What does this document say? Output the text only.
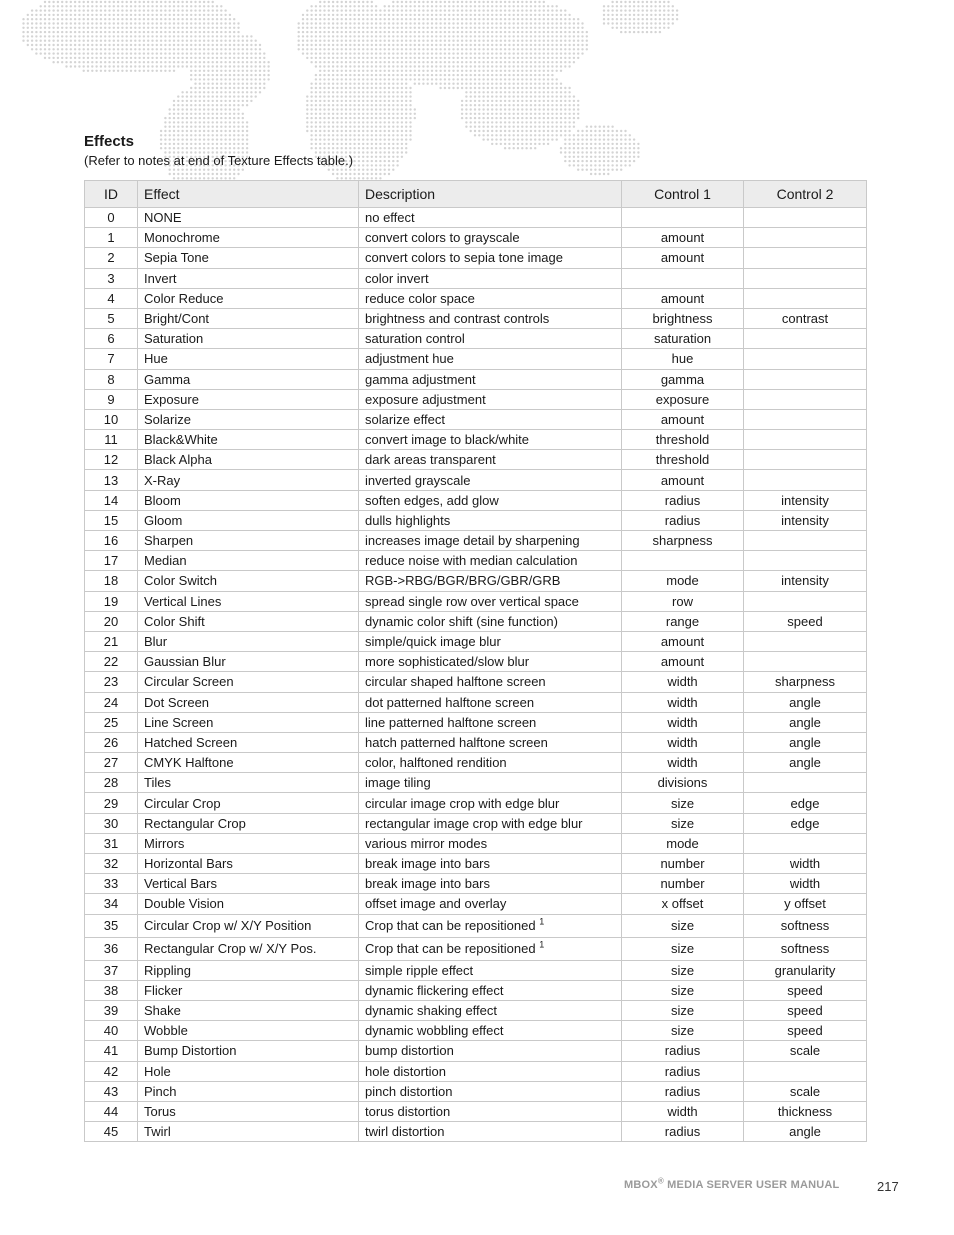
Effects

(Refer to notes at end of Texture Effects table.)

ID	Effect	Description	Control 1	Control 2
0	NONE	no effect		
1	Monochrome	convert colors to grayscale	amount	
2	Sepia Tone	convert colors to sepia tone image	amount	
3	Invert	color invert		
4	Color Reduce	reduce color space	amount	
5	Bright/Cont	brightness and contrast controls	brightness	contrast
6	Saturation	saturation control	saturation	
7	Hue	adjustment hue	hue	
8	Gamma	gamma adjustment	gamma	
9	Exposure	exposure adjustment	exposure	
10	Solarize	solarize effect	amount	
11	Black&White	convert image to black/white	threshold	
12	Black Alpha	dark areas transparent	threshold	
13	X-Ray	inverted grayscale	amount	
14	Bloom	soften edges, add glow	radius	intensity
15	Gloom	dulls highlights	radius	intensity
16	Sharpen	increases image detail by sharpening	sharpness	
17	Median	reduce noise with median calculation		
18	Color Switch	RGB->RBG/BGR/BRG/GBR/GRB	mode	intensity
19	Vertical Lines	spread single row over vertical space	row	
20	Color Shift	dynamic color shift (sine function)	range	speed
21	Blur	simple/quick image blur	amount	
22	Gaussian Blur	more sophisticated/slow blur	amount	
23	Circular Screen	circular shaped halftone screen	width	sharpness
24	Dot Screen	dot patterned halftone screen	width	angle
25	Line Screen	line patterned halftone screen	width	angle
26	Hatched Screen	hatch patterned halftone screen	width	angle
27	CMYK Halftone	color, halftoned rendition	width	angle
28	Tiles	image tiling	divisions	
29	Circular Crop	circular image crop with edge blur	size	edge
30	Rectangular Crop	rectangular image crop with edge blur	size	edge
31	Mirrors	various mirror modes	mode	
32	Horizontal Bars	break image into bars	number	width
33	Vertical Bars	break image into bars	number	width
34	Double Vision	offset image and overlay	x offset	y offset
35	Circular Crop w/ X/Y Position	Crop that can be repositioned $^1$	size	softness
36	Rectangular Crop w/ X/Y Pos.	Crop that can be repositioned $^1$	size	softness
37	Rippling	simple ripple effect	size	granularity
38	Flicker	dynamic flickering effect	size	speed
39	Shake	dynamic shaking effect	size	speed
40	Wobble	dynamic wobbling effect	size	speed
41	Bump Distortion	bump distortion	radius	scale
42	Hole	hole distortion	radius	
43	Pinch	pinch distortion	radius	scale
44	Torus	torus distortion	width	thickness
45	Twirl	twirl distortion	radius	angle
MBOX® MEDIA SERVER USER MANUAL	217
